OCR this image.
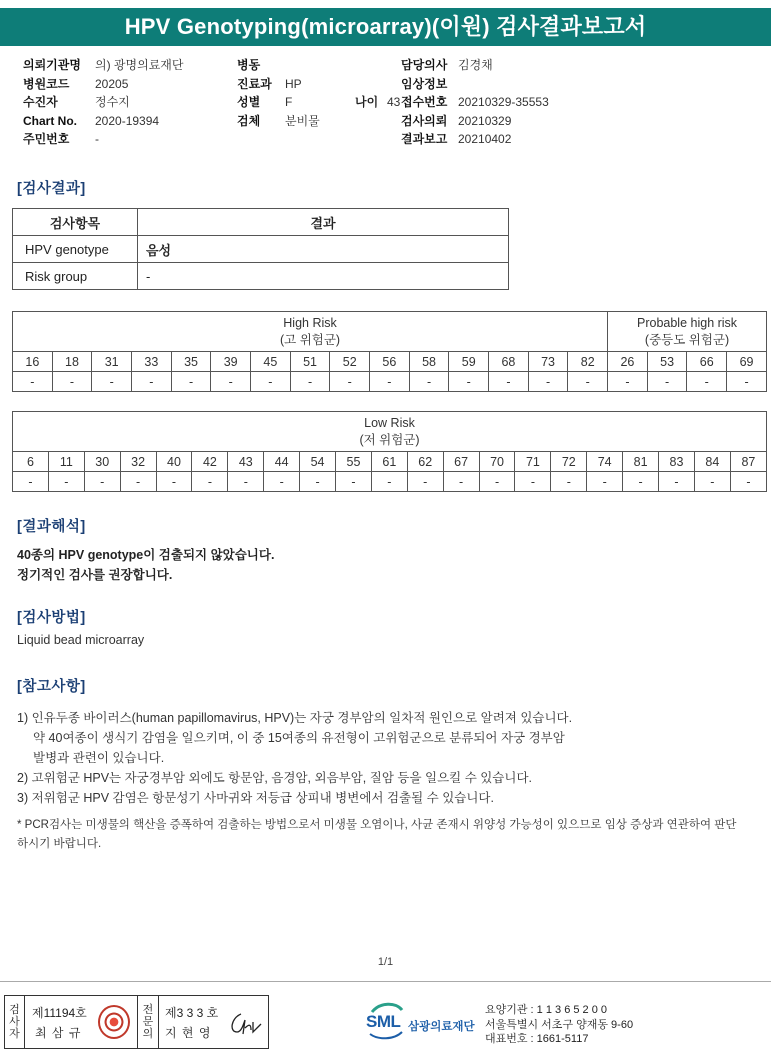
HPV Genotyping(microarray)(이원) 검사결과보고서
의뢰기관명	의) 광명의료재단
병원코드	20205
수진자	정수지
Chart No.	2020-19394
주민번호	-
병동
진료과	HP
성별	F	나이 43
검체	분비물
담당의사 김경채
임상정보
접수번호 20210329-35553
검사의뢰 20210329
결과보고 20210402
[검사결과]
검사항목	결과
HPV genotype	음성
Risk group	-
High Risk
(고 위험군)															Probable high risk
(중등도 위험군)			
16	18	31	33	35	39	45	51	52	56	58	59	68	73	82	26	53	66	69
-	-	-	-	-	-	-	-	-	-	-	-	-	-	-	-	-	-	-
Low Risk
(저 위험군)																				
6	11	30	32	40	42	43	44	54	55	61	62	67	70	71	72	74	81	83	84	87
-	-	-	-	-	-	-	-	-	-	-	-	-	-	-	-	-	-	-	-	-
[결과해석]
40종의 HPV genotype이 검출되지 않았습니다.
정기적인 검사를 권장합니다.
[검사방법]
Liquid bead microarray
[참고사항]
1) 인유두종 바이러스(human papillomavirus, HPV)는 자궁 경부암의 일차적 원인으로 알려져 있습니다.
약 40여종이 생식기 감염을 일으키며, 이 중 15여종의 유전형이 고위험군으로 분류되어 자궁 경부암
발병과 관련이 있습니다.
2) 고위험군 HPV는 자궁경부암 외에도 항문암, 음경암, 외음부암, 질암 등을 일으킬 수 있습니다.
3) 저위험군 HPV 감염은 항문성기 사마귀와 저등급 상피내 병변에서 검출될 수 있습니다.
* PCR검사는 미생물의 핵산을 증폭하여 검출하는 방법으로서 미생물 오염이나, 사균 존재시 위양성 가능성이 있으므로 임상 증상과 연관하여 판단하시기 바랍니다.
1/1
검
사
자
제11194호
최 삼 규
전
문
의
제3 3 3 호
지 현 영
SML 삼광의료재단
요양기관 : 1 1 3 6 5 2 0 0
서울특별시 서초구 양재동 9-60
대표번호 : 1661-5117
